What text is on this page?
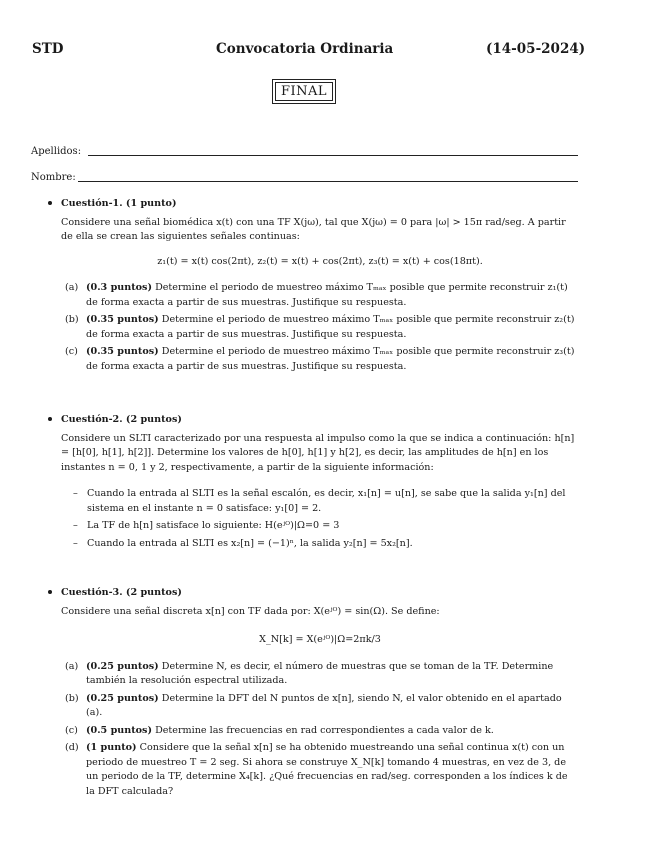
STD	Convocatoria Ordinaria	(14-05-2024)
FINAL
Apellidos:
Nombre:

Cuestión-1. (1 punto)

Considere una señal biomédica x(t) con una TF X(jω), tal que X(jω) = 0 para |ω| > 15π rad/seg. A partir de ella se crean las siguientes señales continuas:

z₁(t) = x(t) cos(2πt), z₂(t) = x(t) + cos(2πt), z₃(t) = x(t) + cos(18πt).

(a) (0.3 puntos) Determine el periodo de muestreo máximo Tₘₐₓ posible que permite reconstruir z₁(t) de forma exacta a partir de sus muestras. Justifique su respuesta.
(b) (0.35 puntos) Determine el periodo de muestreo máximo Tₘₐₓ posible que permite reconstruir z₂(t) de forma exacta a partir de sus muestras. Justifique su respuesta.
(c) (0.35 puntos) Determine el periodo de muestreo máximo Tₘₐₓ posible que permite reconstruir z₃(t) de forma exacta a partir de sus muestras. Justifique su respuesta.

Cuestión-2. (2 puntos)

Considere un SLTI caracterizado por una respuesta al impulso como la que se indica a continuación: h[n] = [h[0], h[1], h[2]]. Determine los valores de h[0], h[1] y h[2], es decir, las amplitudes de h[n] en los instantes n = 0, 1 y 2, respectivamente, a partir de la siguiente información:

– Cuando la entrada al SLTI es la señal escalón, es decir, x₁[n] = u[n], se sabe que la salida y₁[n] del sistema en el instante n = 0 satisface: y₁[0] = 2.
– La TF de h[n] satisface lo siguiente: H(eʲᴼ)|Ω=0 = 3
– Cuando la entrada al SLTI es x₂[n] = (−1)ⁿ, la salida y₂[n] = 5x₂[n].

Cuestión-3. (2 puntos)

Considere una señal discreta x[n] con TF dada por: X(eʲᴼ) = sin(Ω). Se define:

X_N[k] = X(eʲᴼ)|Ω=2πk/3

(a) (0.25 puntos) Determine N, es decir, el número de muestras que se toman de la TF. Determine también la resolución espectral utilizada.
(b) (0.25 puntos) Determine la DFT del N puntos de x[n], siendo N, el valor obtenido en el apartado (a).
(c) (0.5 puntos) Determine las frecuencias en rad correspondientes a cada valor de k.
(d) (1 punto) Considere que la señal x[n] se ha obtenido muestreando una señal continua x(t) con un periodo de muestreo T = 2 seg. Si ahora se construye X_N[k] tomando 4 muestras, en vez de 3, de un periodo de la TF, determine X₄[k]. ¿Qué frecuencias en rad/seg. corresponden a los índices k de la DFT calculada?
